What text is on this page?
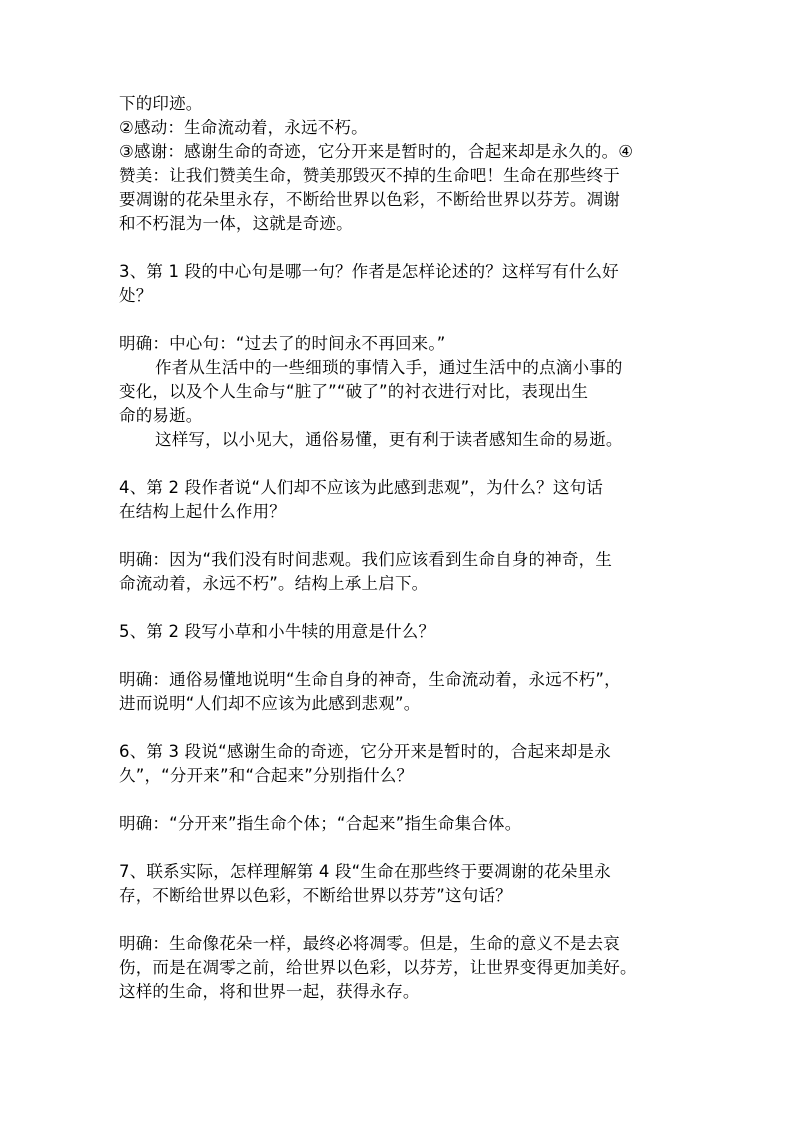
下的印迹。
②感动：生命流动着，永远不朽。
③感谢：感谢生命的奇迹，它分开来是暂时的，合起来却是永久的。④
赞美：让我们赞美生命，赞美那毁灭不掉的生命吧！生命在那些终于
要凋谢的花朵里永存，不断给世界以色彩，不断给世界以芬芳。凋谢
和不朽混为一体，这就是奇迹。
3、第 1 段的中心句是哪一句？作者是怎样论述的？这样写有什么好
处？
明确：中心句：“过去了的时间永不再回来。”
作者从生活中的一些细琐的事情入手，通过生活中的点滴小事的
变化，以及个人生命与“脏了”“破了”的衬衣进行对比，表现出生
命的易逝。
这样写，以小见大，通俗易懂，更有利于读者感知生命的易逝。
4、第 2 段作者说“人们却不应该为此感到悲观”，为什么？这句话
在结构上起什么作用？
明确：因为“我们没有时间悲观。我们应该看到生命自身的神奇，生
命流动着，永远不朽”。结构上承上启下。
5、第 2 段写小草和小牛犊的用意是什么？
明确：通俗易懂地说明“生命自身的神奇，生命流动着，永远不朽”，
进而说明“人们却不应该为此感到悲观”。
6、第 3 段说“感谢生命的奇迹，它分开来是暂时的，合起来却是永
久”，“分开来”和“合起来”分别指什么？
明确：“分开来”指生命个体；“合起来”指生命集合体。
7、联系实际，怎样理解第 4 段“生命在那些终于要凋谢的花朵里永
存，不断给世界以色彩，不断给世界以芬芳”这句话？
明确：生命像花朵一样，最终必将凋零。但是，生命的意义不是去哀
伤，而是在凋零之前，给世界以色彩，以芬芳，让世界变得更加美好。
这样的生命，将和世界一起，获得永存。
